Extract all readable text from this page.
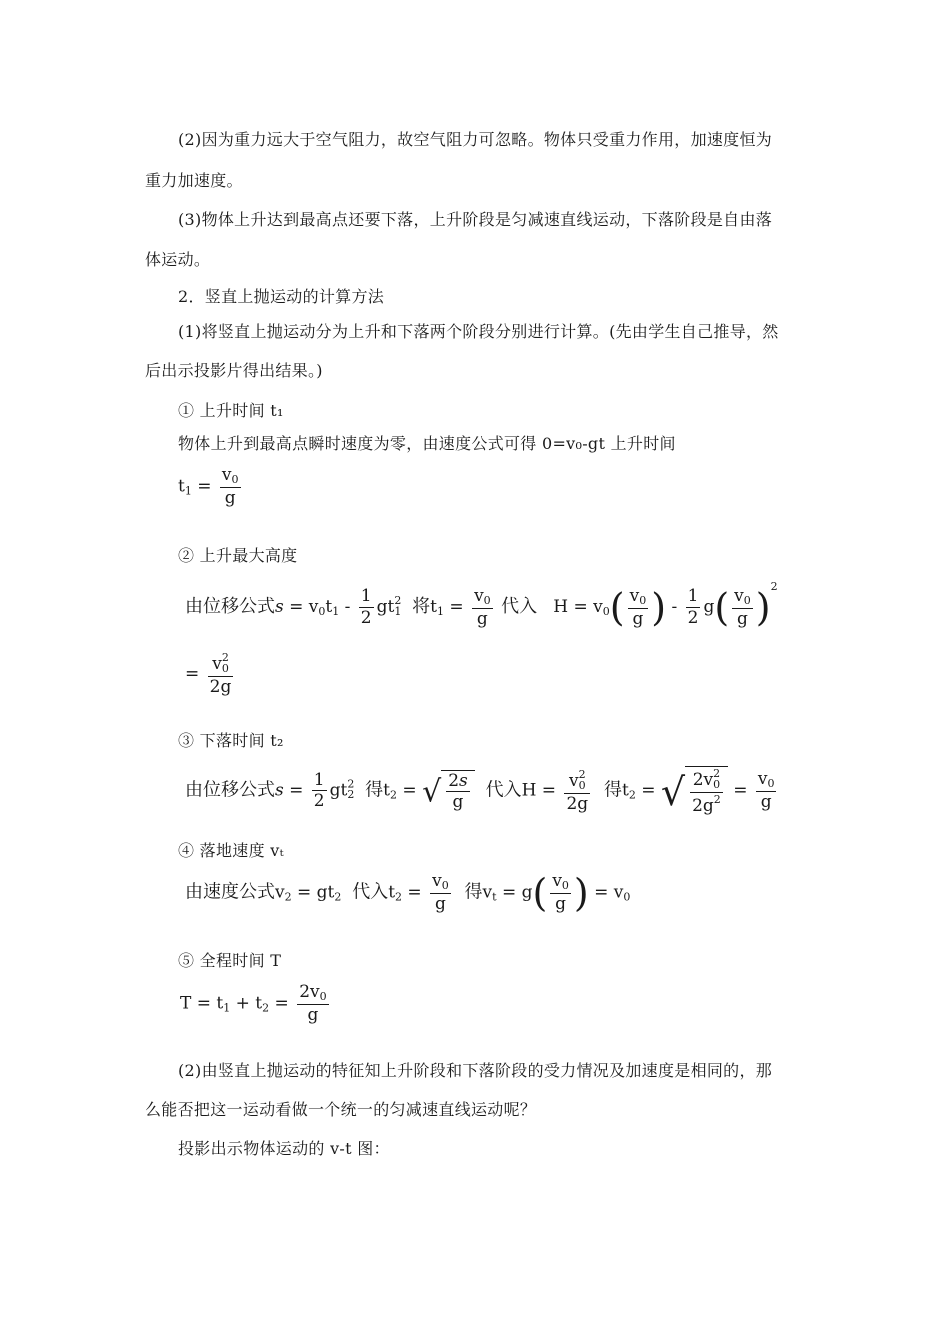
(2)因为重力远大于空气阻力，故空气阻力可忽略。物体只受重力作用，加速度恒为
重力加速度。
(3)物体上升达到最高点还要下落，上升阶段是匀减速直线运动，下落阶段是自由落
体运动。
2．竖直上抛运动的计算方法
(1)将竖直上抛运动分为上升和下落两个阶段分别进行计算。(先由学生自己推导，然
后出示投影片得出结果。)
① 上升时间 t₁
物体上升到最高点瞬时速度为零，由速度公式可得 0=v₀-gt 上升时间
$t_1 = \frac{v_0}{g}$
② 上升最大高度
由位移公式$s = v_0t_1 - \frac{1}{2} gt^2_1$ 将$t_1 = \frac{v_0}{g}$ 代入   $H = v_0( \frac{v_0}{g}$ ) - $\frac{1}{2} g( \frac{v_0}{g} )^2$
= $\frac{v^2_0}{2g}$
③ 下落时间 t₂
由位移公式$s = \frac{1}{2} gt^2_2$ 得$t_2$ = √ $\frac{2s}{g}$ 代入$H = \frac{v^2_0}{2g}$ 得$t_2$ = √ $\frac{2v^2_0}{2g^2} = \frac{v_0}{g}$
④ 落地速度 vₜ
由速度公式$v_2 = gt_2$ 代入$t_2 = \frac{v_0}{g}$ 得$v_t = g( \frac{v_0}{g}$ ) = $v_0$
⑤ 全程时间 T
$T = t_1 + t_2 = \frac{2v_0}{g}$
(2)由竖直上抛运动的特征知上升阶段和下落阶段的受力情况及加速度是相同的，那
么能否把这一运动看做一个统一的匀减速直线运动呢？
投影出示物体运动的 v-t 图：
